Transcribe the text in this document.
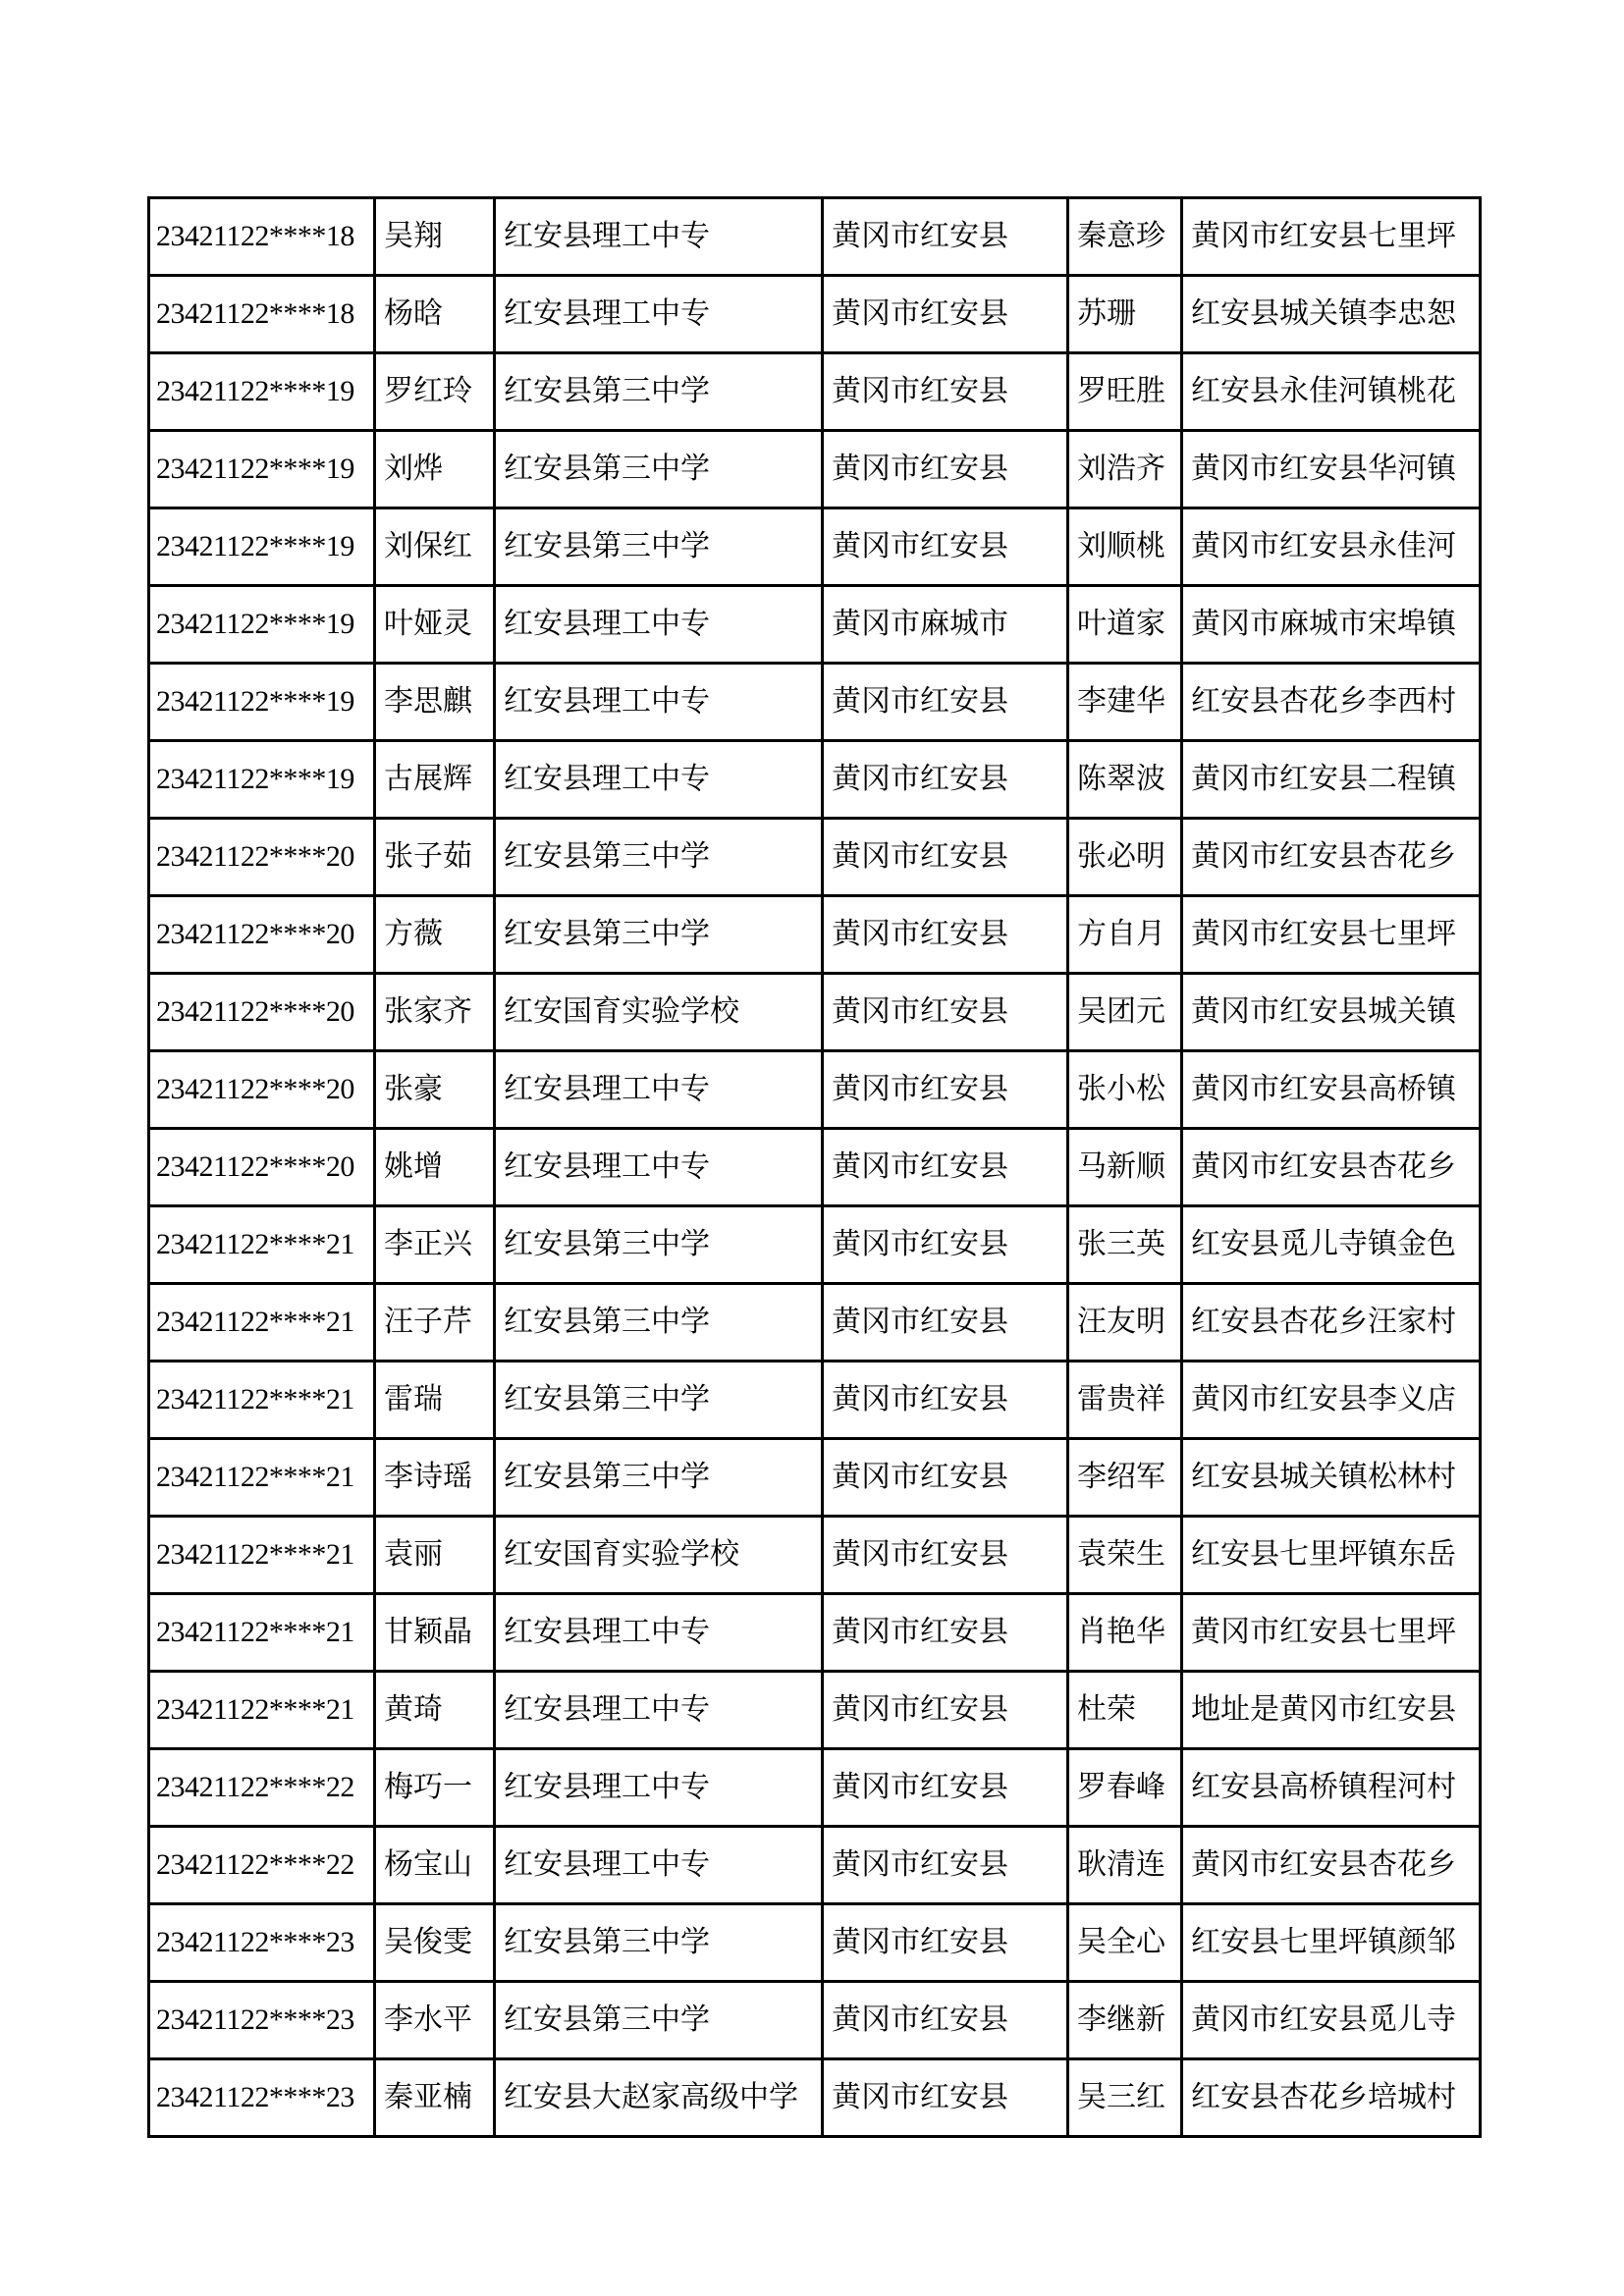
23421122****18	吴翔	红安县理工中专	黄冈市红安县	秦意珍	黄冈市红安县七里坪
23421122****18	杨晗	红安县理工中专	黄冈市红安县	苏珊	红安县城关镇李忠恕
23421122****19	罗红玲	红安县第三中学	黄冈市红安县	罗旺胜	红安县永佳河镇桃花
23421122****19	刘烨	红安县第三中学	黄冈市红安县	刘浩齐	黄冈市红安县华河镇
23421122****19	刘保红	红安县第三中学	黄冈市红安县	刘顺桃	黄冈市红安县永佳河
23421122****19	叶娅灵	红安县理工中专	黄冈市麻城市	叶道家	黄冈市麻城市宋埠镇
23421122****19	李思麒	红安县理工中专	黄冈市红安县	李建华	红安县杏花乡李西村
23421122****19	古展辉	红安县理工中专	黄冈市红安县	陈翠波	黄冈市红安县二程镇
23421122****20	张子茹	红安县第三中学	黄冈市红安县	张必明	黄冈市红安县杏花乡
23421122****20	方薇	红安县第三中学	黄冈市红安县	方自月	黄冈市红安县七里坪
23421122****20	张家齐	红安国育实验学校	黄冈市红安县	吴团元	黄冈市红安县城关镇
23421122****20	张豪	红安县理工中专	黄冈市红安县	张小松	黄冈市红安县高桥镇
23421122****20	姚增	红安县理工中专	黄冈市红安县	马新顺	黄冈市红安县杏花乡
23421122****21	李正兴	红安县第三中学	黄冈市红安县	张三英	红安县觅儿寺镇金色
23421122****21	汪子芹	红安县第三中学	黄冈市红安县	汪友明	红安县杏花乡汪家村
23421122****21	雷瑞	红安县第三中学	黄冈市红安县	雷贵祥	黄冈市红安县李义店
23421122****21	李诗瑶	红安县第三中学	黄冈市红安县	李绍军	红安县城关镇松林村
23421122****21	袁丽	红安国育实验学校	黄冈市红安县	袁荣生	红安县七里坪镇东岳
23421122****21	甘颖晶	红安县理工中专	黄冈市红安县	肖艳华	黄冈市红安县七里坪
23421122****21	黄琦	红安县理工中专	黄冈市红安县	杜荣	地址是黄冈市红安县
23421122****22	梅巧一	红安县理工中专	黄冈市红安县	罗春峰	红安县高桥镇程河村
23421122****22	杨宝山	红安县理工中专	黄冈市红安县	耿清连	黄冈市红安县杏花乡
23421122****23	吴俊雯	红安县第三中学	黄冈市红安县	吴全心	红安县七里坪镇颜邹
23421122****23	李水平	红安县第三中学	黄冈市红安县	李继新	黄冈市红安县觅儿寺
23421122****23	秦亚楠	红安县大赵家高级中学	黄冈市红安县	吴三红	红安县杏花乡培城村
